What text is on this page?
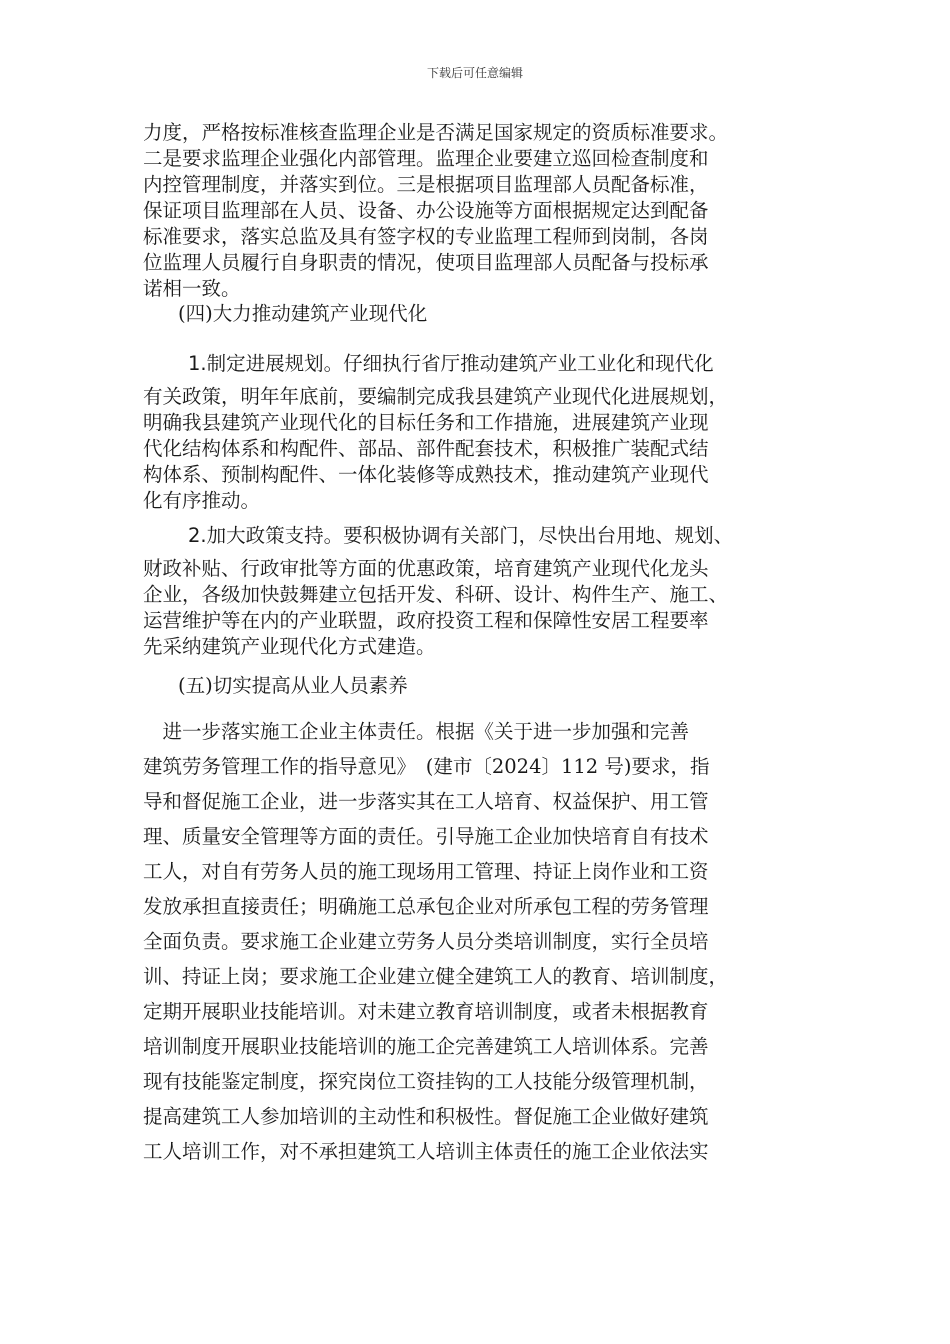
下载后可任意编辑
力度，严格按标准核查监理企业是否满足国家规定的资质标准要求。
二是要求监理企业强化内部管理。监理企业要建立巡回检查制度和
内控管理制度，并落实到位。三是根据项目监理部人员配备标准，
保证项目监理部在人员、设备、办公设施等方面根据规定达到配备
标准要求，落实总监及具有签字权的专业监理工程师到岗制，各岗
位监理人员履行自身职责的情况，使项目监理部人员配备与投标承
诺相一致。
(四)大力推动建筑产业现代化
1.制定进展规划。仔细执行省厅推动建筑产业工业化和现代化
有关政策，明年年底前，要编制完成我县建筑产业现代化进展规划，
明确我县建筑产业现代化的目标任务和工作措施，进展建筑产业现
代化结构体系和构配件、部品、部件配套技术，积极推广装配式结
构体系、预制构配件、一体化装修等成熟技术，推动建筑产业现代
化有序推动。
2.加大政策支持。要积极协调有关部门，尽快出台用地、规划、
财政补贴、行政审批等方面的优惠政策，培育建筑产业现代化龙头
企业，各级加快鼓舞建立包括开发、科研、设计、构件生产、施工、
运营维护等在内的产业联盟，政府投资工程和保障性安居工程要率
先采纳建筑产业现代化方式建造。
(五)切实提高从业人员素养
　进一步落实施工企业主体责任。根据《关于进一步加强和完善
建筑劳务管理工作的指导意见》　(建市〔2024〕112 号)要求，指
导和督促施工企业，进一步落实其在工人培育、权益保护、用工管
理、质量安全管理等方面的责任。引导施工企业加快培育自有技术
工人，对自有劳务人员的施工现场用工管理、持证上岗作业和工资
发放承担直接责任；明确施工总承包企业对所承包工程的劳务管理
全面负责。要求施工企业建立劳务人员分类培训制度，实行全员培
训、持证上岗；要求施工企业建立健全建筑工人的教育、培训制度，
定期开展职业技能培训。对未建立教育培训制度，或者未根据教育
培训制度开展职业技能培训的施工企完善建筑工人培训体系。完善
现有技能鉴定制度，探究岗位工资挂钩的工人技能分级管理机制，
提高建筑工人参加培训的主动性和积极性。督促施工企业做好建筑
工人培训工作，对不承担建筑工人培训主体责任的施工企业依法实
